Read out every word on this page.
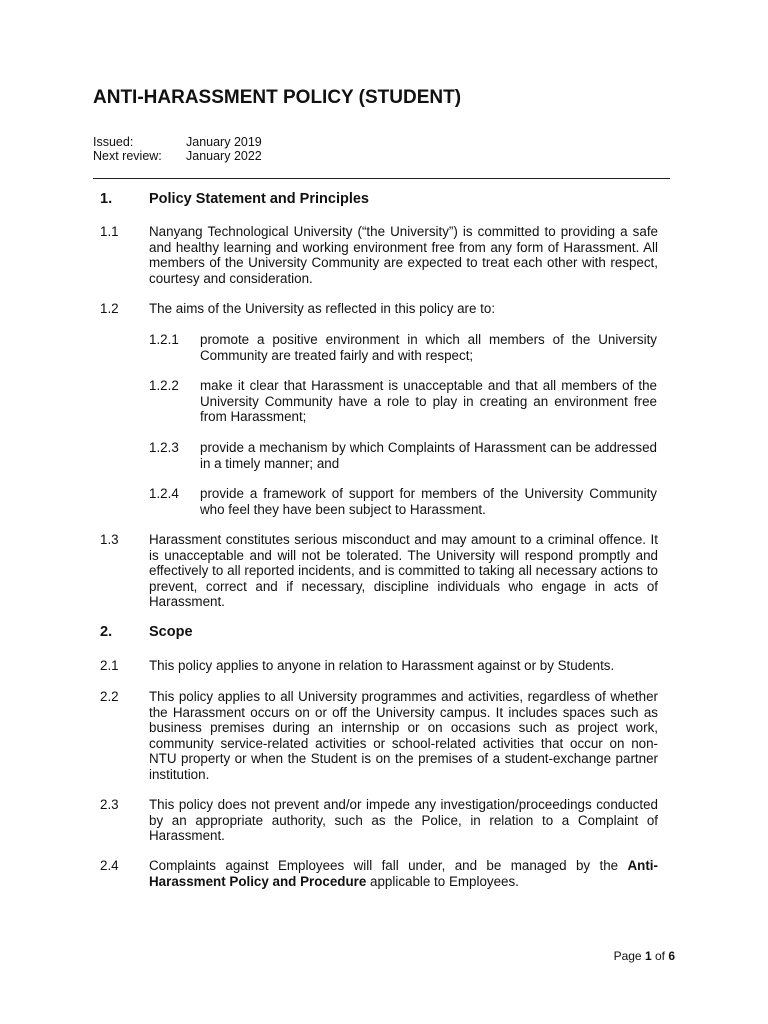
ANTI-HARASSMENT POLICY (STUDENT)
Issued:	January 2019
Next review: January 2022
1.	Policy Statement and Principles
1.1 Nanyang Technological University (“the University”) is committed to providing a safe and healthy learning and working environment free from any form of Harassment. All members of the University Community are expected to treat each other with respect, courtesy and consideration.
1.2 The aims of the University as reflected in this policy are to:
1.2.1 promote a positive environment in which all members of the University Community are treated fairly and with respect;
1.2.2 make it clear that Harassment is unacceptable and that all members of the University Community have a role to play in creating an environment free from Harassment;
1.2.3 provide a mechanism by which Complaints of Harassment can be addressed in a timely manner; and
1.2.4 provide a framework of support for members of the University Community who feel they have been subject to Harassment.
1.3 Harassment constitutes serious misconduct and may amount to a criminal offence. It is unacceptable and will not be tolerated. The University will respond promptly and effectively to all reported incidents, and is committed to taking all necessary actions to prevent, correct and if necessary, discipline individuals who engage in acts of Harassment.
2.	Scope
2.1 This policy applies to anyone in relation to Harassment against or by Students.
2.2 This policy applies to all University programmes and activities, regardless of whether the Harassment occurs on or off the University campus. It includes spaces such as business premises during an internship or on occasions such as project work, community service-related activities or school-related activities that occur on non-NTU property or when the Student is on the premises of a student-exchange partner institution.
2.3 This policy does not prevent and/or impede any investigation/proceedings conducted by an appropriate authority, such as the Police, in relation to a Complaint of Harassment.
2.4 Complaints against Employees will fall under, and be managed by the Anti-Harassment Policy and Procedure applicable to Employees.
Page 1 of 6
